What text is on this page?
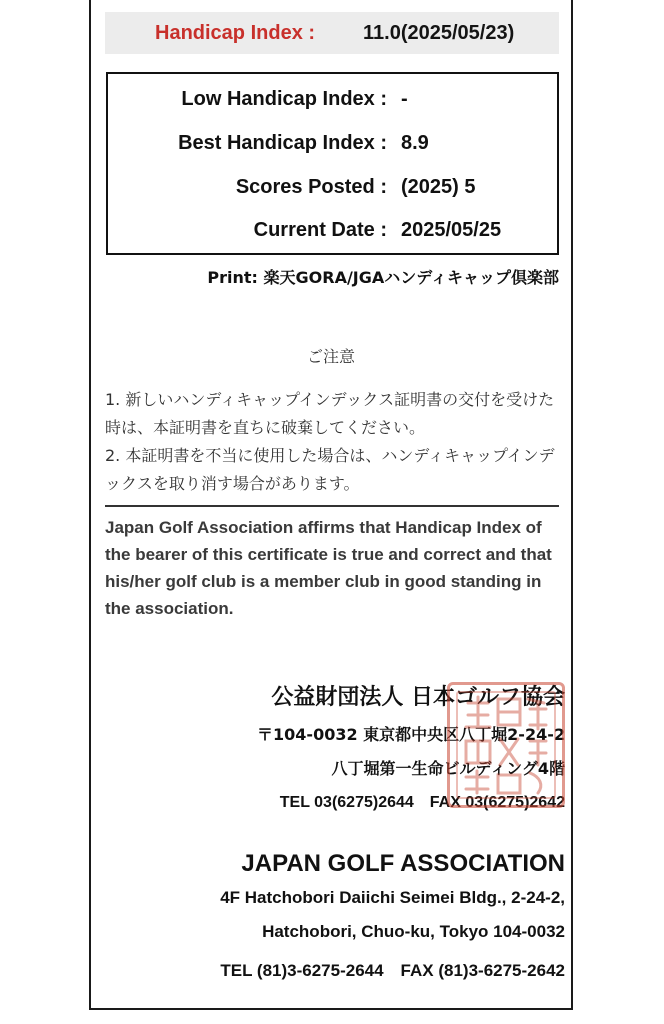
Handicap Index : 11.0(2025/05/23)
Low Handicap Index : -
Best Handicap Index : 8.9
Scores Posted : (2025) 5
Current Date : 2025/05/25
Print: 楽天GORA/JGAハンディキャップ倶楽部
ご注意

1. 新しいハンディキャップインデックス証明書の交付を受けた時は、本証明書を直ちに破棄してください。

2. 本証明書を不当に使用した場合は、ハンディキャップインデックスを取り消す場合があります。

Japan Golf Association affirms that Handicap Index of the bearer of this certificate is true and correct and that his/her golf club is a member club in good standing in the association.
公益財団法人 日本ゴルフ協会
〒104-0032 東京都中央区八丁堀2-24-2
八丁堀第一生命ビルディング4階
TEL 03(6275)2644　FAX 03(6275)2642
JAPAN GOLF ASSOCIATION
4F Hatchobori Daiichi Seimei Bldg., 2-24-2,
Hatchobori, Chuo-ku, Tokyo 104-0032
TEL (81)3-6275-2644　FAX (81)3-6275-2642
